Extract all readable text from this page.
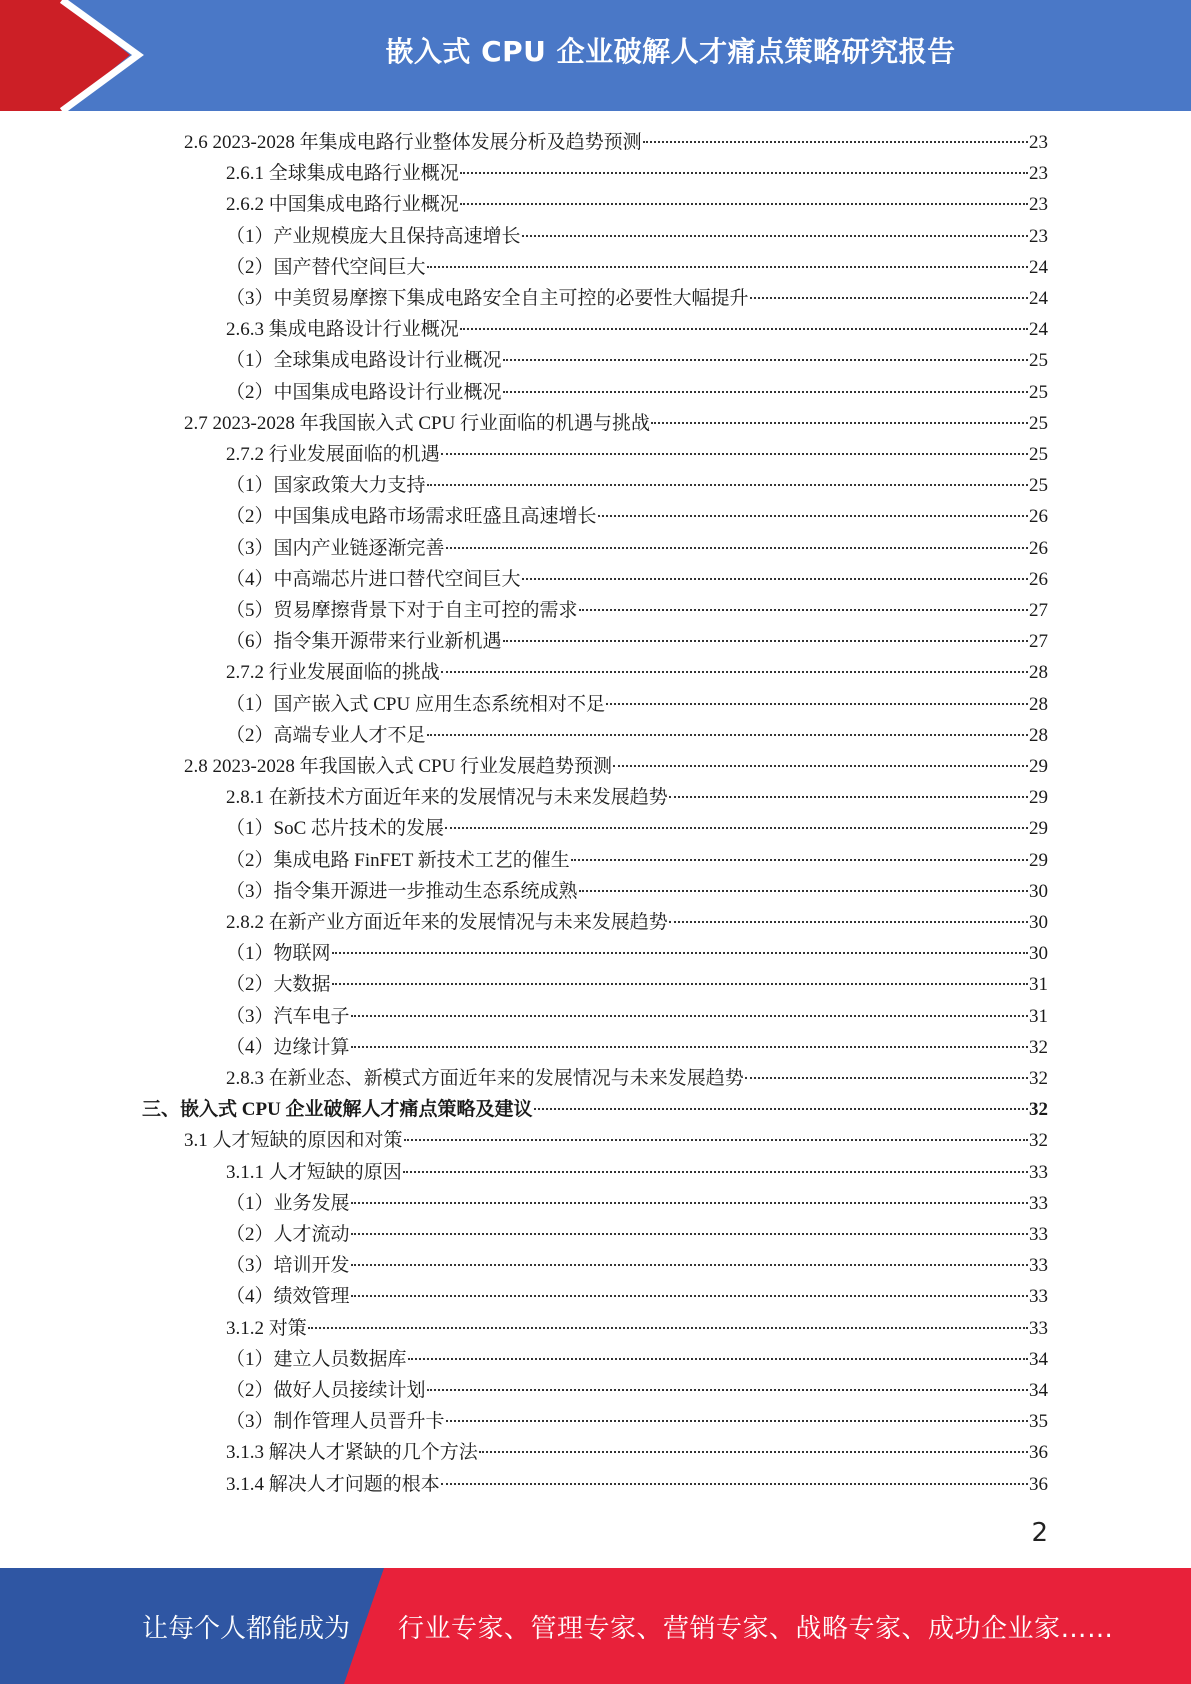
嵌入式 CPU 企业破解人才痛点策略研究报告
2.6 2023-2028 年集成电路行业整体发展分析及趋势预测	23
2.6.1 全球集成电路行业概况	23
2.6.2 中国集成电路行业概况	23
（1）产业规模庞大且保持高速增长	23
（2）国产替代空间巨大	24
（3）中美贸易摩擦下集成电路安全自主可控的必要性大幅提升	24
2.6.3 集成电路设计行业概况	24
（1）全球集成电路设计行业概况	25
（2）中国集成电路设计行业概况	25
2.7 2023-2028 年我国嵌入式 CPU 行业面临的机遇与挑战	25
2.7.2 行业发展面临的机遇	25
（1）国家政策大力支持	25
（2）中国集成电路市场需求旺盛且高速增长	26
（3）国内产业链逐渐完善	26
（4）中高端芯片进口替代空间巨大	26
（5）贸易摩擦背景下对于自主可控的需求	27
（6）指令集开源带来行业新机遇	27
2.7.2 行业发展面临的挑战	28
（1）国产嵌入式 CPU 应用生态系统相对不足	28
（2）高端专业人才不足	28
2.8 2023-2028 年我国嵌入式 CPU 行业发展趋势预测	29
2.8.1 在新技术方面近年来的发展情况与未来发展趋势	29
（1）SoC 芯片技术的发展	29
（2）集成电路 FinFET 新技术工艺的催生	29
（3）指令集开源进一步推动生态系统成熟	30
2.8.2 在新产业方面近年来的发展情况与未来发展趋势	30
（1）物联网	30
（2）大数据	31
（3）汽车电子	31
（4）边缘计算	32
2.8.3 在新业态、新模式方面近年来的发展情况与未来发展趋势	32
三、嵌入式 CPU 企业破解人才痛点策略及建议	32
3.1 人才短缺的原因和对策	32
3.1.1 人才短缺的原因	33
（1）业务发展	33
（2）人才流动	33
（3）培训开发	33
（4）绩效管理	33
3.1.2 对策	33
（1）建立人员数据库	34
（2）做好人员接续计划	34
（3）制作管理人员晋升卡	35
3.1.3 解决人才紧缺的几个方法	36
3.1.4 解决人才问题的根本	36
2
让每个人都能成为 行业专家、管理专家、营销专家、战略专家、成功企业家……
